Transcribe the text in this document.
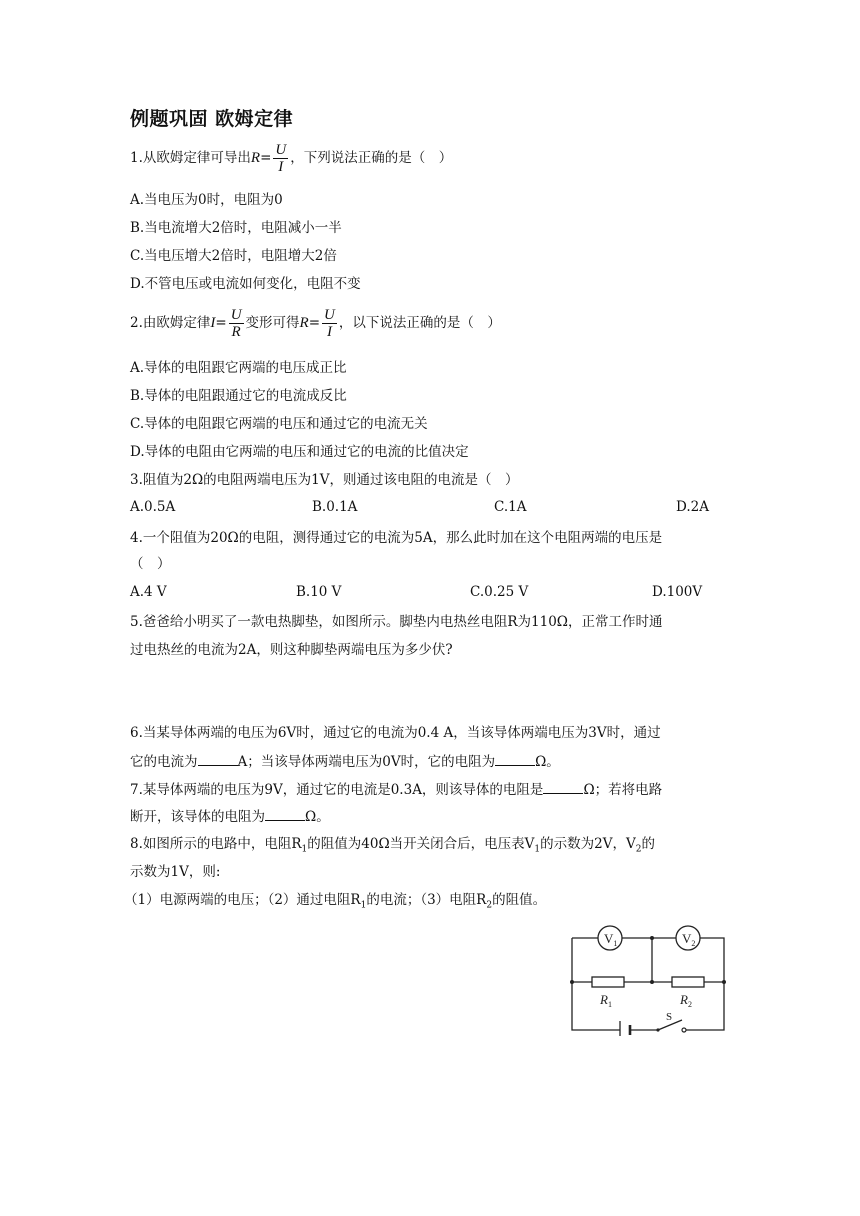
例题巩固 欧姆定律
1.从欧姆定律可导出$R= \frac{U}{I}$ ，下列说法正确的是（　）
A.当电压为0时，电阻为0
B.当电流增大2倍时，电阻减小一半
C.当电压增大2倍时，电阻增大2倍
D.不管电压或电流如何变化，电阻不变
2.由欧姆定律$I= \frac{U}{R}$ 变形可得$R= \frac{U}{I}$ ，以下说法正确的是（　）
A.导体的电阻跟它两端的电压成正比
B.导体的电阻跟通过它的电流成反比
C.导体的电阻跟它两端的电压和通过它的电流无关
D.导体的电阻由它两端的电压和通过它的电流的比值决定
3.阻值为2Ω的电阻两端电压为1V，则通过该电阻的电流是（　）
A.0.5A	B.0.1A	C.1A	D.2A
4.一个阻值为20Ω的电阻，测得通过它的电流为5A，那么此时加在这个电阻两端的电压是
（　）
A.4 V	B.10 V	C.0.25 V	D.100V
5.爸爸给小明买了一款电热脚垫，如图所示。脚垫内电热丝电阻R为110Ω，正常工作时通
过电热丝的电流为2A，则这种脚垫两端电压为多少伏?
6.当某导体两端的电压为6V时，通过它的电流为0.4 A，当该导体两端电压为3V时，通过
它的电流为	A；当该导体两端电压为0V时，它的电阻为	Ω。
7.某导体两端的电压为9V，通过它的电流是0.3A，则该导体的电阻是	Ω；若将电路
断开，该导体的电阻为	Ω。
8.如图所示的电路中，电阻$R_1$的阻值为40Ω当开关闭合后，电压表$V_1$的示数为2V，$V_2$的
示数为1V，则:
（1）电源两端的电压；（2）通过电阻$R_1$的电流；（3）电阻$R_2$的阻值。
$V_1$	$V_2$
$R_1$	$R_2$
S
